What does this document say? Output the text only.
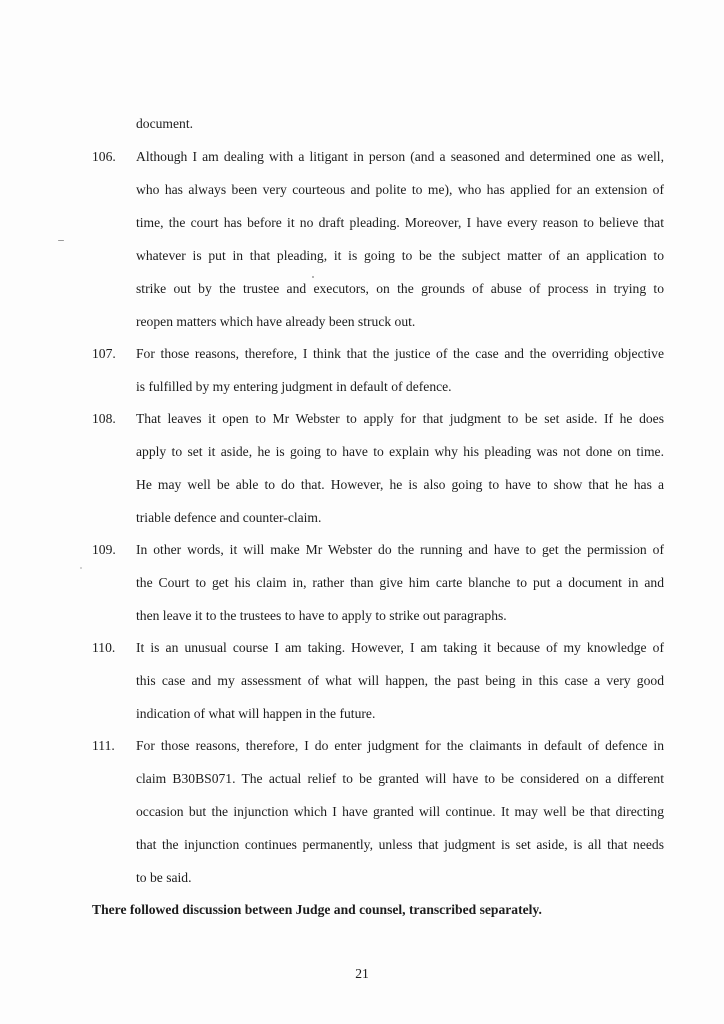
document.
106. Although I am dealing with a litigant in person (and a seasoned and determined one as well,
who has always been very courteous and polite to me), who has applied for an extension of
time, the court has before it no draft pleading. Moreover, I have every reason to believe that
whatever is put in that pleading, it is going to be the subject matter of an application to
strike out by the trustee and executors, on the grounds of abuse of process in trying to
reopen matters which have already been struck out.
107. For those reasons, therefore, I think that the justice of the case and the overriding objective
is fulfilled by my entering judgment in default of defence.
108. That leaves it open to Mr Webster to apply for that judgment to be set aside. If he does
apply to set it aside, he is going to have to explain why his pleading was not done on time.
He may well be able to do that. However, he is also going to have to show that he has a
triable defence and counter-claim.
109. In other words, it will make Mr Webster do the running and have to get the permission of
the Court to get his claim in, rather than give him carte blanche to put a document in and
then leave it to the trustees to have to apply to strike out paragraphs.
110. It is an unusual course I am taking. However, I am taking it because of my knowledge of
this case and my assessment of what will happen, the past being in this case a very good
indication of what will happen in the future.
111. For those reasons, therefore, I do enter judgment for the claimants in default of defence in
claim B30BS071. The actual relief to be granted will have to be considered on a different
occasion but the injunction which I have granted will continue. It may well be that directing
that the injunction continues permanently, unless that judgment is set aside, is all that needs
to be said.
There followed discussion between Judge and counsel, transcribed separately.
21
